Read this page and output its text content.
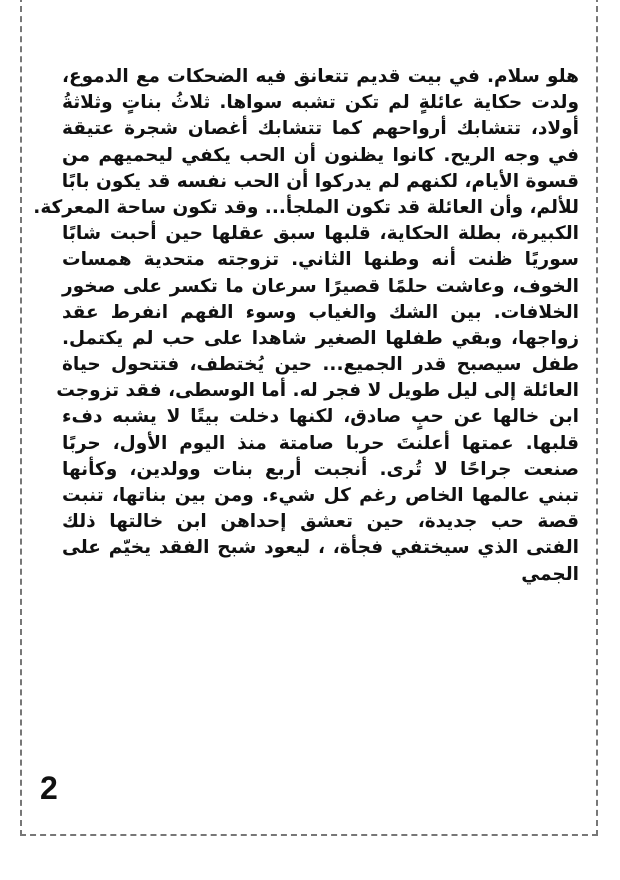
هلو سلام. في بيت قديم تتعانق فيه الضحكات مع الدموع،
ولدت حكاية عائلةٍ لم تكن تشبه سواها. ثلاثُ بناتٍ وثلاثةُ
أولاد، تتشابك أرواحهم كما تتشابك أغصان شجرة عتيقة
في وجه الريح. كانوا يظنون أن الحب يكفي ليحميهم من
قسوة الأيام، لكنهم لم يدركوا أن الحب نفسه قد يكون بابًا
للألم، وأن العائلة قد تكون الملجأ... وقد تكون ساحة المعركة.
الكبيرة، بطلة الحكاية، قلبها سبق عقلها حين أحبت شابًا
سوريًا ظنت أنه وطنها الثاني. تزوجته متحدية همسات
الخوف، وعاشت حلمًا قصيرًا سرعان ما تكسر على صخور
الخلافات. بين الشك والغياب وسوء الفهم انفرط عقد
زواجها، وبقي طفلها الصغير شاهدا على حب لم يكتمل.
طفل سيصبح قدر الجميع... حين يُختطف، فتتحول حياة
العائلة إلى ليل طويل لا فجر له. أما الوسطى، فقد تزوجت
ابن خالها عن حبٍ صادق، لكنها دخلت بيتًا لا يشبه دفء
قلبها. عمتها أعلنتَ حربا صامتة منذ اليوم الأول، حربًا
صنعت جراحًا لا تُرى. أنجبت أربع بنات وولدين، وكأنها
تبني عالمها الخاص رغم كل شيء. ومن بين بناتها، تنبت
قصة حب جديدة، حين تعشق إحداهن ابن خالتها ذلك
الفتى الذي سيختفي فجأة، ، ليعود شبح الفقد يخيّم على
الجمي
2
